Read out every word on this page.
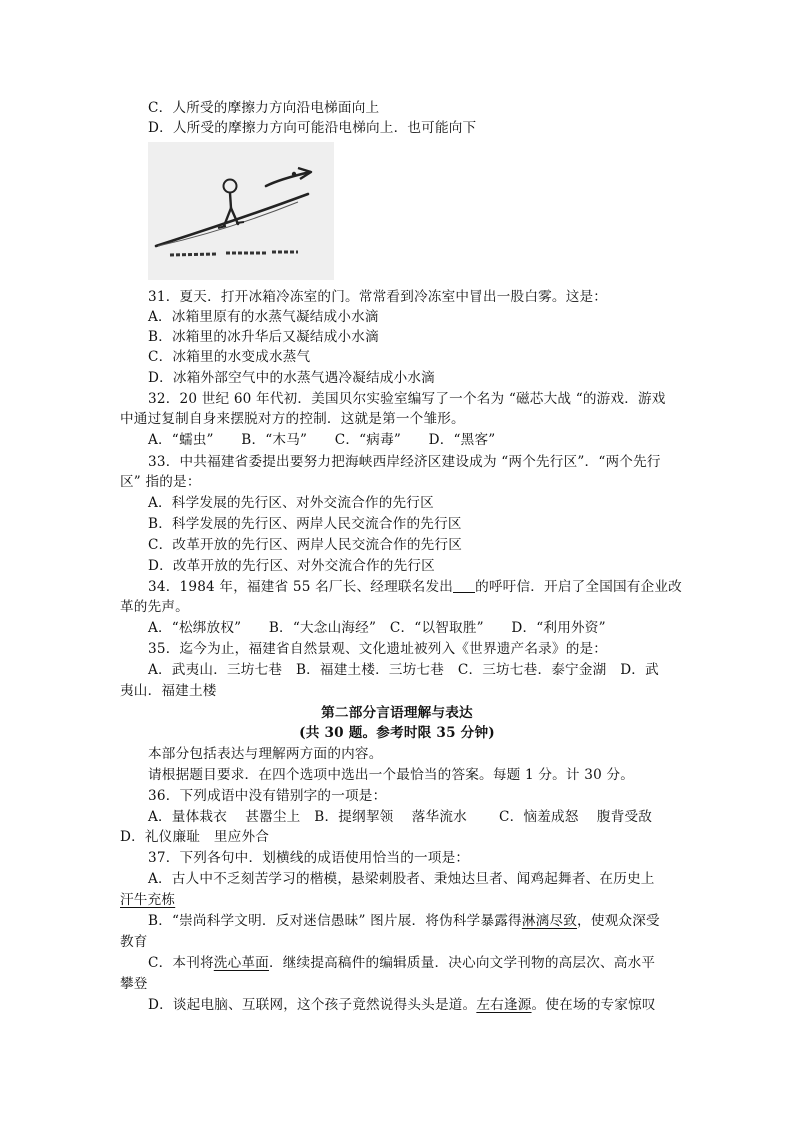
C．人所受的摩擦力方向沿电梯面向上
D．人所受的摩擦力方向可能沿电梯向上．也可能向下
31．夏天．打开冰箱冷冻室的门。常常看到冷冻室中冒出一股白雾。这是：
A．冰箱里原有的水蒸气凝结成小水滴
B．冰箱里的冰升华后又凝结成小水滴
C．冰箱里的水变成水蒸气
D．冰箱外部空气中的水蒸气遇冷凝结成小水滴
32．20 世纪 60 年代初．美国贝尔实验室编写了一个名为 “磁芯大战 “的游戏．游戏
中通过复制自身来摆脱对方的控制．这就是第一个雏形。
A．“蠕虫”　　B．“木马”　　C．“病毒”　　D．“黑客”
33．中共福建省委提出要努力把海峡西岸经济区建设成为 “两个先行区”．“两个先行
区” 指的是：
A．科学发展的先行区、对外交流合作的先行区
B．科学发展的先行区、两岸人民交流合作的先行区
C．改革开放的先行区、两岸人民交流合作的先行区
D．改革开放的先行区、对外交流合作的先行区
34．1984 年，福建省 55 名厂长、经理联名发出 的呼吁信．开启了全国国有企业改
革的先声。
A．“松绑放权”　　B．“大念山海经”　C．“以智取胜”　　D．“利用外资”
35．迄今为止，福建省自然景观、文化遗址被列入《世界遗产名录》的是：
A．武夷山．三坊七巷　B．福建土楼．三坊七巷　C．三坊七巷．泰宁金湖　D．武
夷山．福建土楼
第二部分言语理解与表达
(共 30 题。参考时限 35 分钟)
本部分包括表达与理解两方面的内容。
请根据题目要求．在四个选项中选出一个最恰当的答案。每题 1 分。计 30 分。
36．下列成语中没有错别字的一项是：
A．量体栽衣　 甚嚣尘上　B．提纲挈领　 落华流水　　 C．恼羞成怒　 腹背受敌
D．礼仪廉耻　里应外合
37．下列各句中．划横线的成语使用恰当的一项是：
A．古人中不乏刻苦学习的楷模，悬梁刺股者、秉烛达旦者、闻鸡起舞者、在历史上
汗牛充栋
B．“崇尚科学文明．反对迷信愚昧” 图片展．将伪科学暴露得淋漓尽致，使观众深受
教育
C．本刊将洗心革面．继续提高稿件的编辑质量．决心向文学刊物的高层次、高水平
攀登
D．谈起电脑、互联网，这个孩子竟然说得头头是道。左右逢源。使在场的专家惊叹
